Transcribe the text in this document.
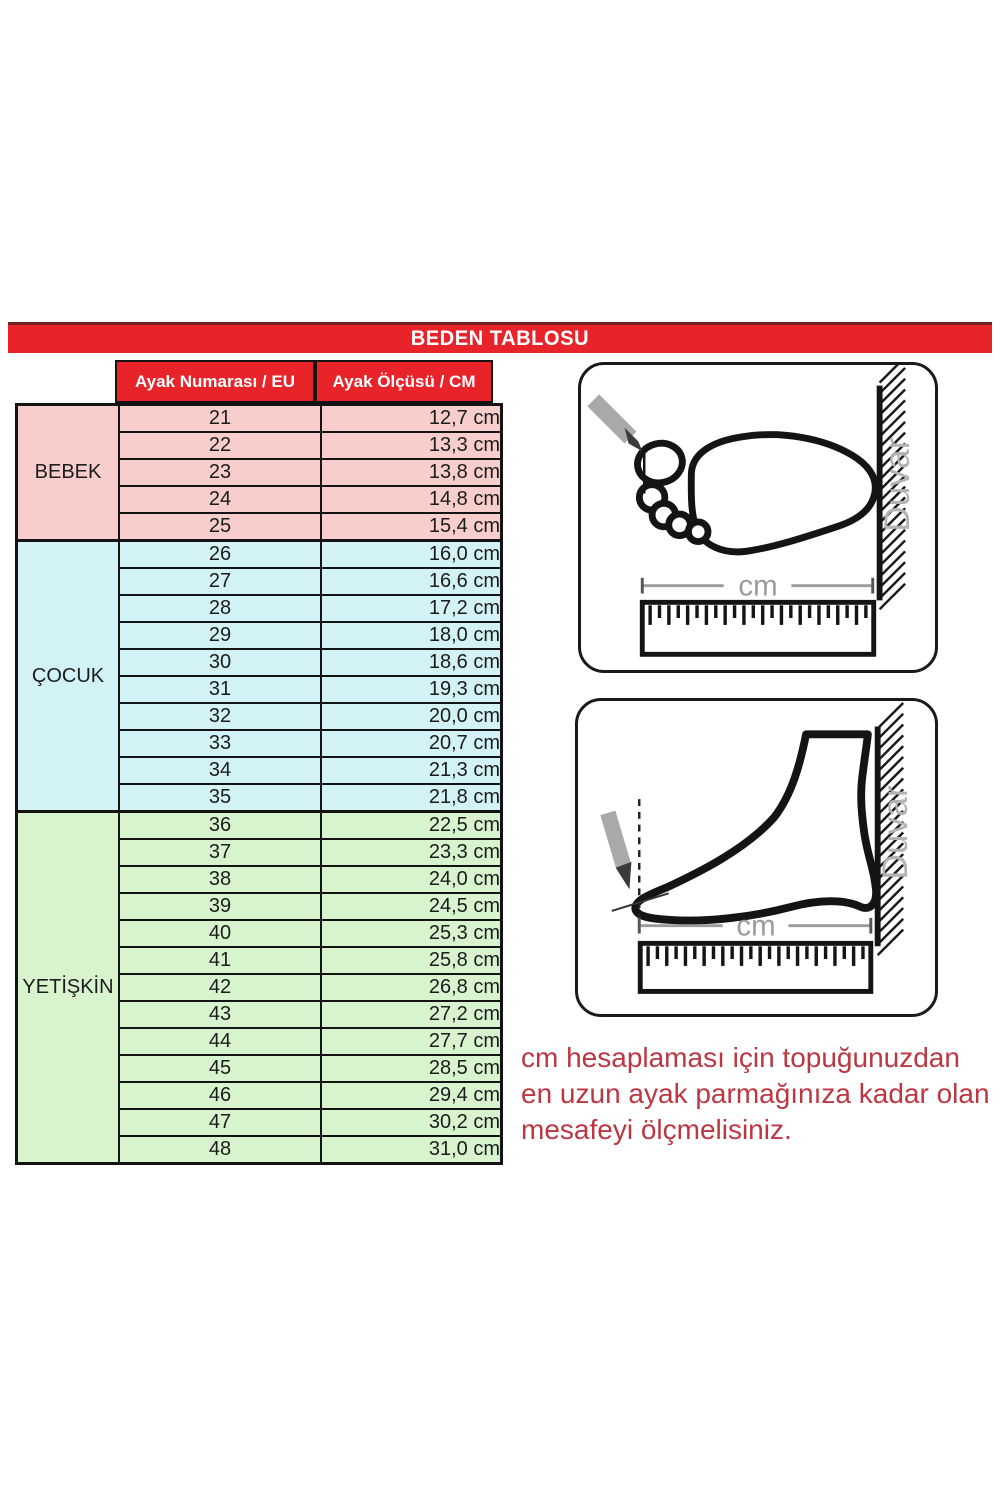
BEDEN TABLOSU
Ayak Numarası / EU Ayak Ölçüsü / CM
BEBEK	21	12,7 cm
	22	13,3 cm
	23	13,8 cm
	24	14,8 cm
	25	15,4 cm
ÇOCUK	26	16,0 cm
	27	16,6 cm
	28	17,2 cm
	29	18,0 cm
	30	18,6 cm
	31	19,3 cm
	32	20,0 cm
	33	20,7 cm
	34	21,3 cm
	35	21,8 cm
YETİŞKİN	36	22,5 cm
	37	23,3 cm
	38	24,0 cm
	39	24,5 cm
	40	25,3 cm
	41	25,8 cm
	42	26,8 cm
	43	27,2 cm
	44	27,7 cm
	45	28,5 cm
	46	29,4 cm
	47	30,2 cm
	48	31,0 cm
Duvar
cm
Duvar
cm
cm hesaplaması için topuğunuzdan
en uzun ayak parmağınıza kadar olan
mesafeyi ölçmelisiniz.
